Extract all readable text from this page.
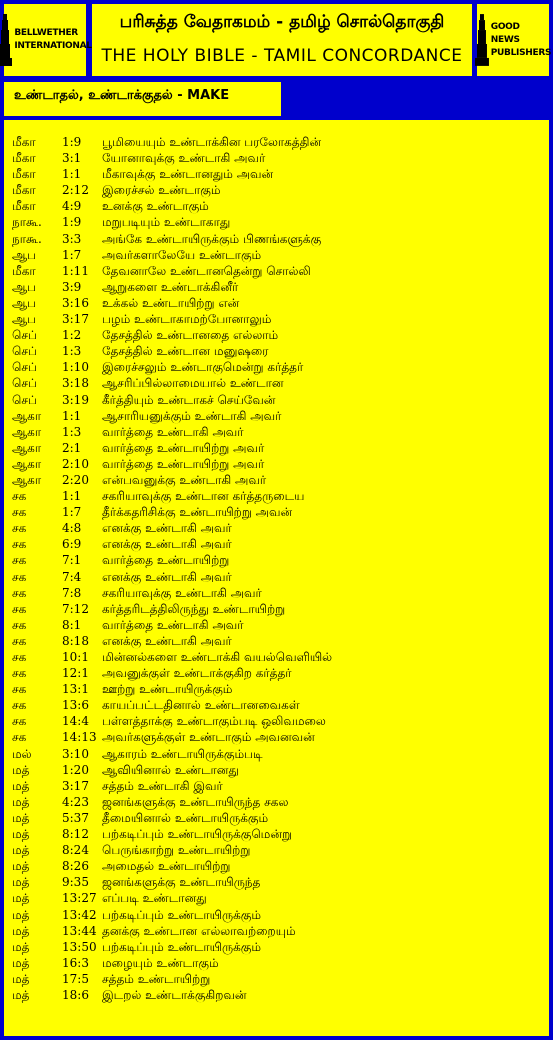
BELLWETHER
INTERNATIONAL
பரிசுத்த வேதாகமம் - தமிழ் சொல்தொகுதி
THE HOLY BIBLE - TAMIL CONCORDANCE
GOOD NEWS
PUBLISHERS
உண்டாதல், உண்டாக்குதல் - MAKE
மீகா	1:9	பூமியையும் உண்டாக்கின பரலோகத்தின்
மீகா	3:1	யோனாவுக்கு உண்டாகி அவர்
மீகா	1:1	மீகாவுக்கு உண்டானதும் அவன்
மீகா	2:12	இரைச்சல் உண்டாகும்
மீகா	4:9	உனக்கு உண்டாகும்
நாகூ.	1:9	மறுபடியும் உண்டாகாது
நாகூ.	3:3	அங்கே உண்டாயிருக்கும் பிணங்களுக்கு
ஆப	1:7	அவர்களாலேயே உண்டாகும்
மீகா	1:11	தேவனாலே உண்டானதென்று சொல்லி
ஆப	3:9	ஆறுகளை உண்டாக்கினீர்
ஆப	3:16	உக்கல் உண்டாயிற்று என்
ஆப	3:17	பழம் உண்டாகாமற்போனாலும்
செப்	1:2	தேசத்தில் உண்டானதை எல்லாம்
செப்	1:3	தேசத்தில் உண்டான மனுஷரை
செப்	1:10	இரைச்சலும் உண்டாகுமென்று கர்த்தர்
செப்	3:18	ஆசரிப்பில்லாமையால் உண்டான
செப்	3:19	கீர்த்தியும் உண்டாகச் செய்வேன்
ஆகா	1:1	ஆசாரியனுக்கும் உண்டாகி அவர்
ஆகா	1:3	வார்த்தை உண்டாகி அவர்
ஆகா	2:1	வார்த்தை உண்டாயிற்று அவர்
ஆகா	2:10	வார்த்தை உண்டாயிற்று அவர்
ஆகா	2:20	என்பவனுக்கு உண்டாகி அவர்
சக	1:1	சகரியாவுக்கு உண்டான கர்த்தருடைய
சக	1:7	தீர்க்கதரிசிக்கு உண்டாயிற்று அவன்
சக	4:8	எனக்கு உண்டாகி அவர்
சக	6:9	எனக்கு உண்டாகி அவர்
சக	7:1	வார்த்தை உண்டாயிற்று
சக	7:4	எனக்கு உண்டாகி அவர்
சக	7:8	சகரியாவுக்கு உண்டாகி அவர்
சக	7:12	கர்த்தரிடத்திலிருந்து உண்டாயிற்று
சக	8:1	வார்த்தை உண்டாகி அவர்
சக	8:18	எனக்கு உண்டாகி அவர்
சக	10:1	மின்னல்களை உண்டாக்கி வயல்வெளியில்
சக	12:1	அவனுக்குள் உண்டாக்குகிற கர்த்தர்
சக	13:1	ஊற்று உண்டாயிருக்கும்
சக	13:6	காயப்பட்டதினால் உண்டானவைகள்
சக	14:4	பள்ளத்தாக்கு உண்டாகும்படி ஒலிவமலை
சக	14:13 அவர்களுக்குள் உண்டாகும் அவனவன்
மல்	3:10	ஆகாரம் உண்டாயிருக்கும்படி
மத்	1:20	ஆவியினால் உண்டானது
மத்	3:17	சத்தம் உண்டாகி இவர்
மத்	4:23	ஜனங்களுக்கு உண்டாயிருந்த சகல
மத்	5:37	தீமையினால் உண்டாயிருக்கும்
மத்	8:12	பற்கடிப்பும் உண்டாயிருக்குமென்று
மத்	8:24	பெருங்காற்று உண்டாயிற்று
மத்	8:26	அமைதல் உண்டாயிற்று
மத்	9:35	ஜனங்களுக்கு உண்டாயிருந்த
மத்	13:27 எப்படி உண்டானது
மத்	13:42 பற்கடிப்பும் உண்டாயிருக்கும்
மத்	13:44 தனக்கு உண்டான எல்லாவற்றையும்
மத்	13:50 பற்கடிப்பும் உண்டாயிருக்கும்
மத்	16:3	மழையும் உண்டாகும்
மத்	17:5	சத்தம் உண்டாயிற்று
மத்	18:6	இடறல் உண்டாக்குகிறவன்
